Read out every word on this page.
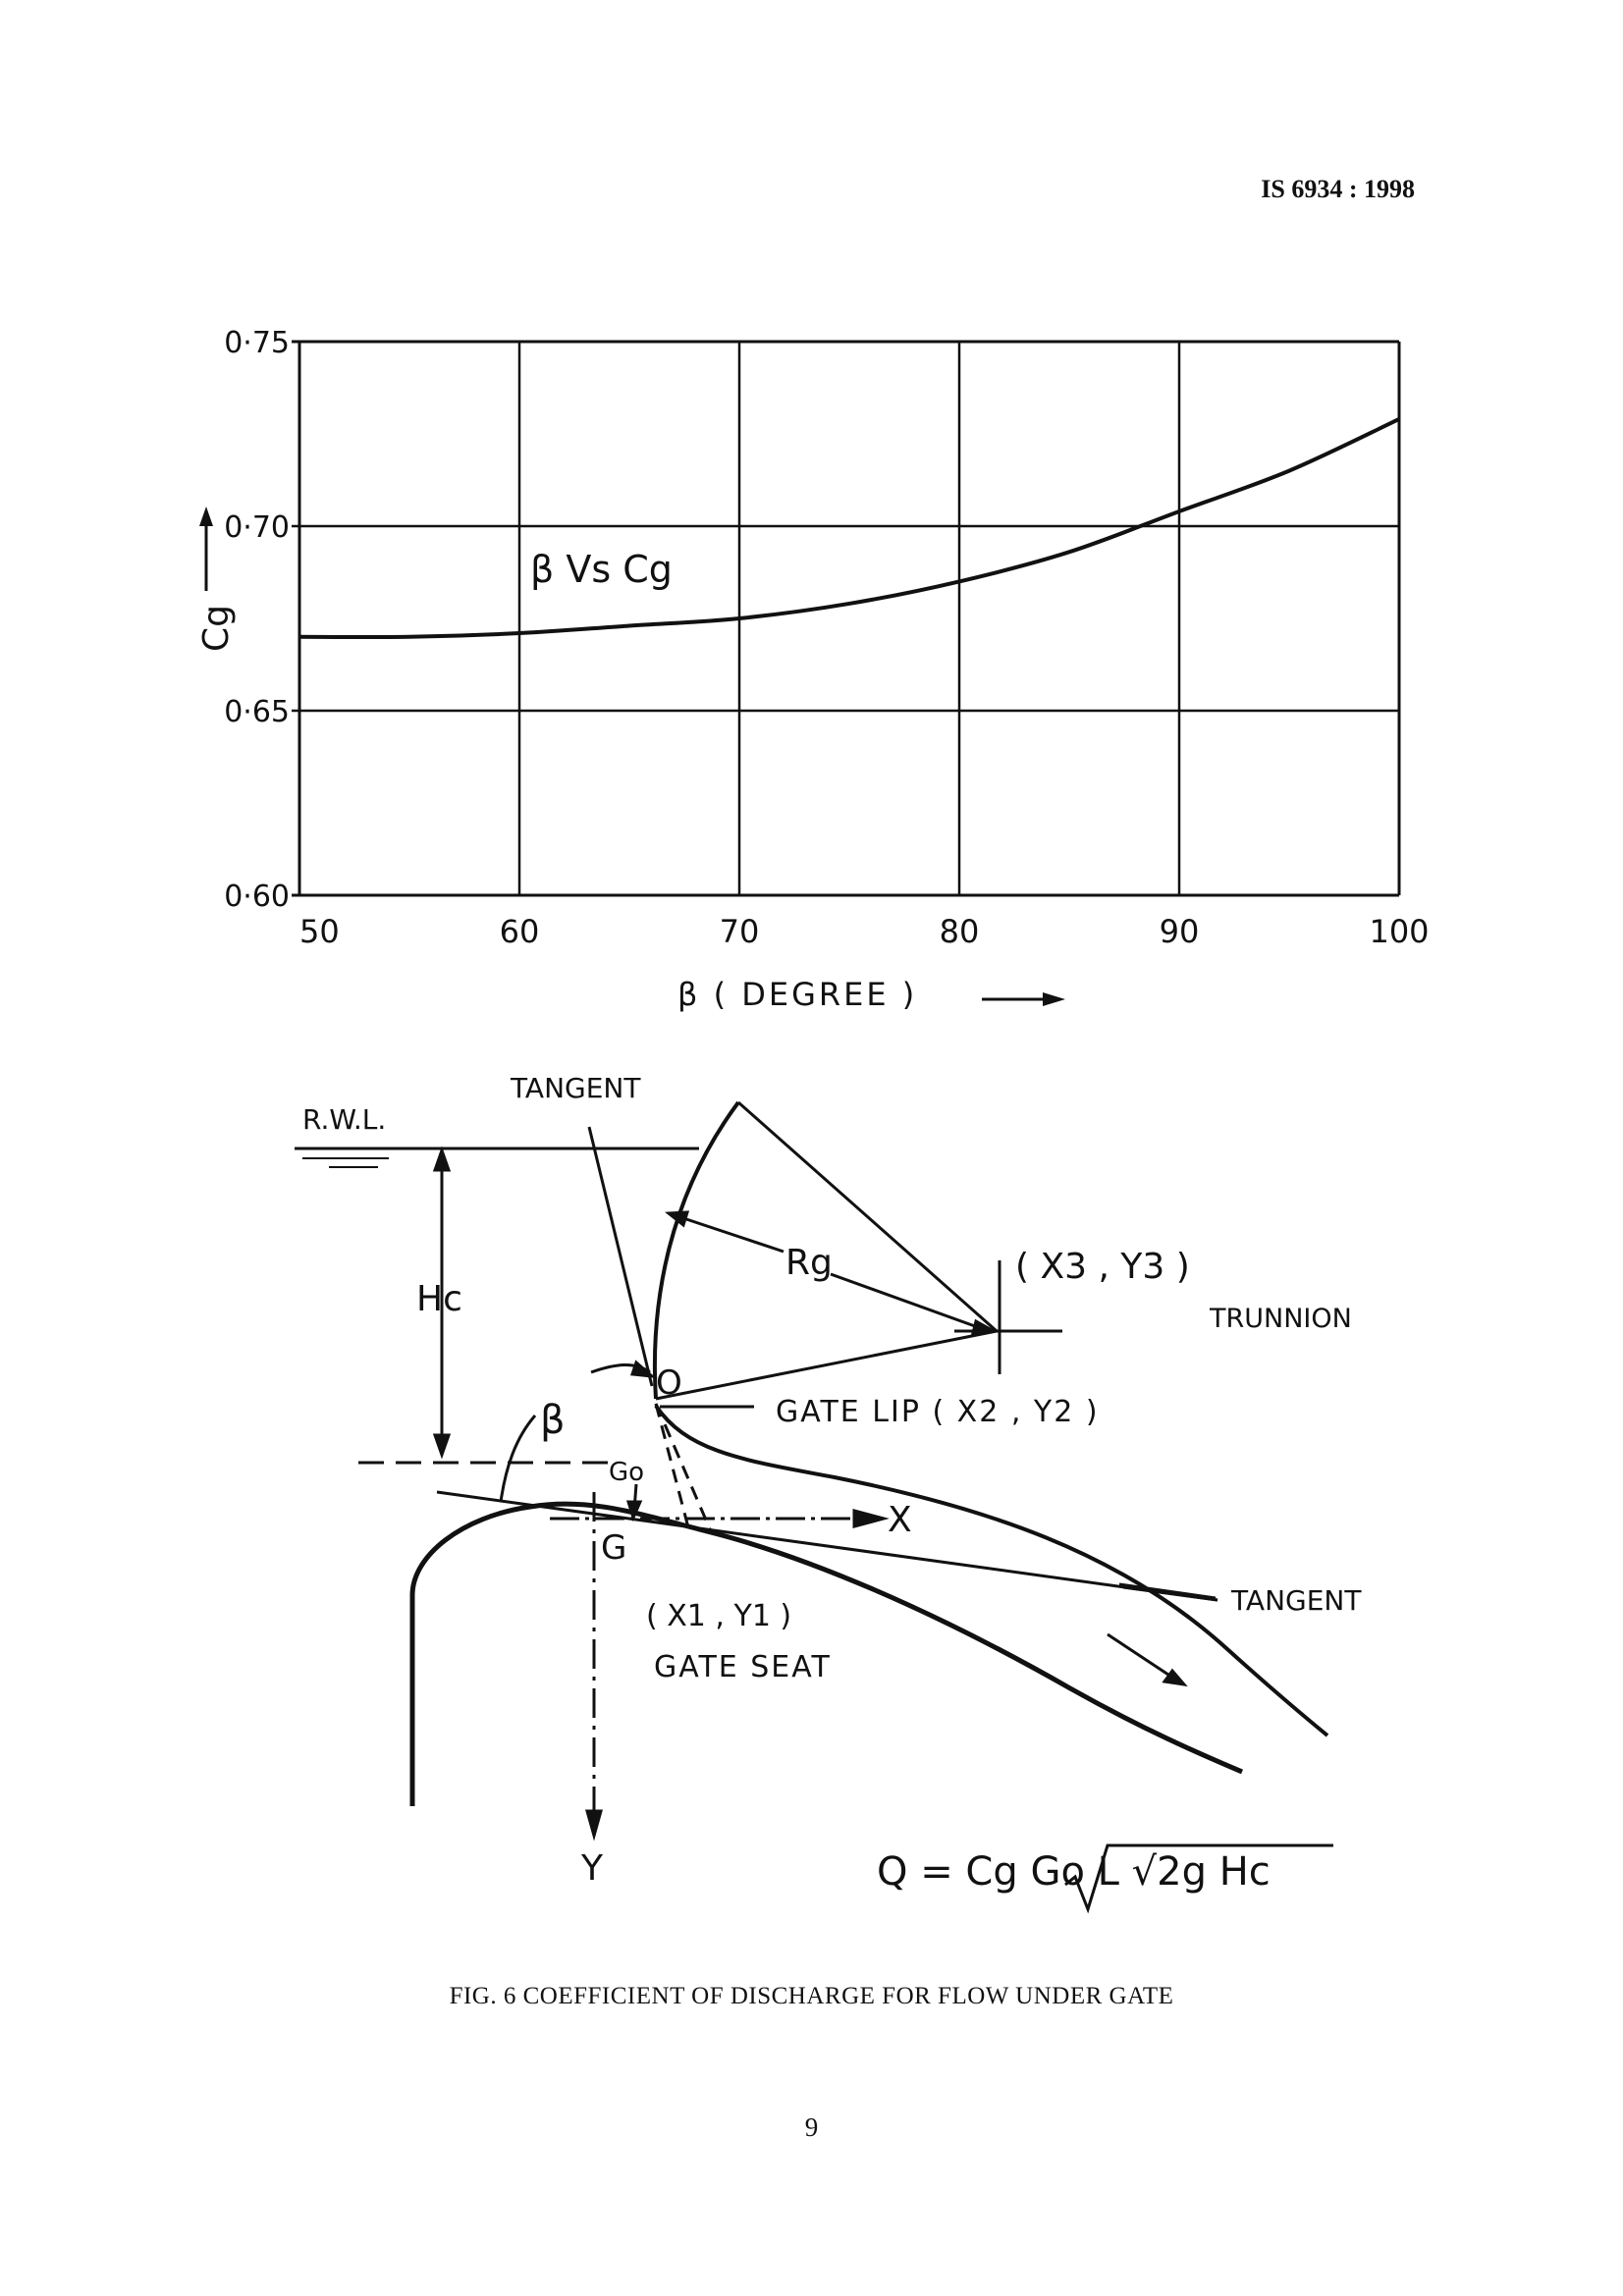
IS 6934 : 1998
50	60	70	80	90	100
0·60
0·65
0·70
0·75
β Vs Cg
Cg
β ( DEGREE )
R.W.L.
TANGENT
Hc
Rg	( X3 , Y3 )
TRUNNION
O
GATE LIP ( X2 , Y2 )
β
Go
X
G
TANGENT
( X1 , Y1 )
GATE SEAT
Y	Q = Cg Go L √2g Hc
FIG. 6 COEFFICIENT OF DISCHARGE FOR FLOW UNDER GATE
9
